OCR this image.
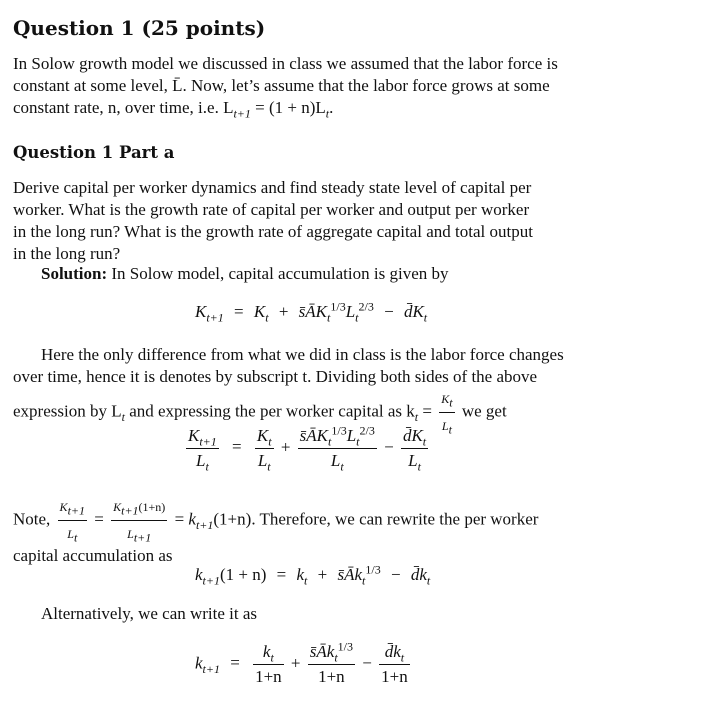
Question 1 (25 points)
In Solow growth model we discussed in class we assumed that the labor force is
constant at some level, L̄. Now, let’s assume that the labor force grows at some
constant rate, n, over time, i.e. $L_{t+1} = (1 + n)L_t$.
Question 1 Part a
Derive capital per worker dynamics and find steady state level of capital per
worker. What is the growth rate of capital per worker and output per worker
in the long run? What is the growth rate of aggregate capital and total output
in the long run?
Solution: In Solow model, capital accumulation is given by
$K_{t+1} = K_t$ + $s̄ĀK_t^{1/3}L_t^{2/3}$ − $d̄K_t$
Here the only difference from what we did in class is the labor force changes
over time, hence it is denotes by subscript t. Dividing both sides of the above
expression by $L_t$ and expressing the per worker capital as $k_t = \frac{Kt}{Lt}$ we get
$\frac{K_{t+1}}{L_t} = \frac{K_t}{L_t} + \frac{s̄ĀK_t^{1/3}L_t^{2/3}}{L_t} - \frac{d̄K_t}{L_t}$
Note, $\frac{Kt+1}{Lt} = \frac{Kt+1(1+n)}{Lt+1} = k_{t+1}(1+n)$. Therefore, we can rewrite the per worker
capital accumulation as
$k_{t+1}(1 + n) = k_t$ + $s̄Āk_t^{1/3}$ − $d̄k_t$
Alternatively, we can write it as
$k_{t+1} = \frac{k_t}{1+n} + \frac{s̄Āk_t^{1/3}}{1+n} - \frac{d̄k_t}{1+n}$
